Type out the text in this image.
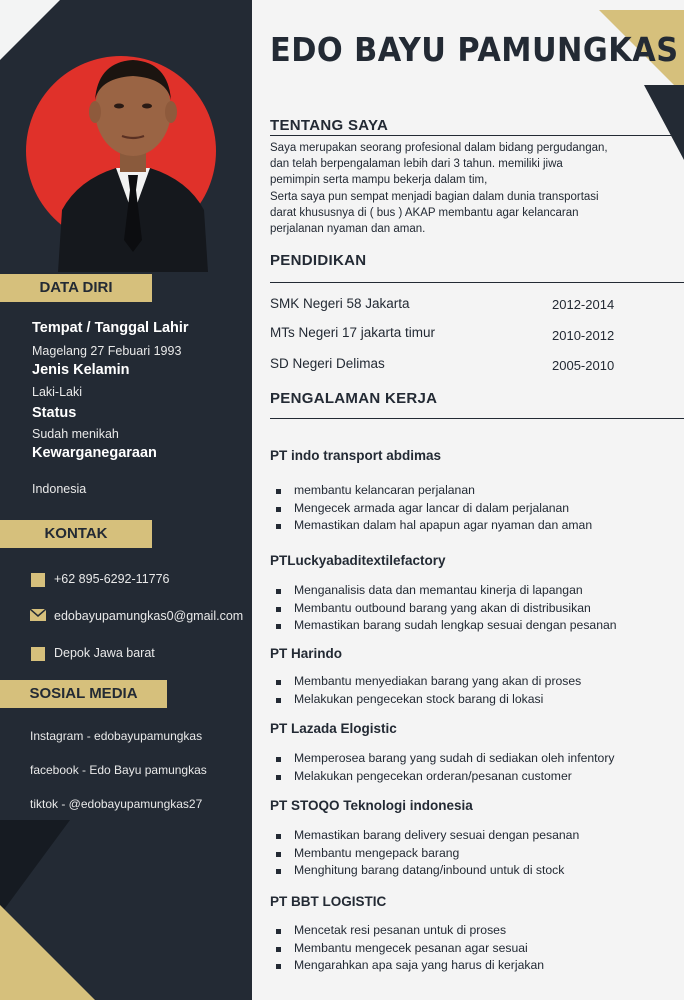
DATA DIRI
Tempat / Tanggal Lahir
Magelang 27 Febuari 1993
Jenis Kelamin
Laki-Laki
Status
Sudah menikah
Kewarganegaraan
Indonesia
KONTAK
+62 895-6292-11776
edobayupamungkas0@gmail.com
Depok Jawa barat
SOSIAL MEDIA
Instagram - edobayupamungkas
facebook - Edo Bayu pamungkas
tiktok - @edobayupamungkas27
EDO BAYU PAMUNGKAS
TENTANG SAYA
Saya merupakan seorang profesional dalam bidang pergudangan,
dan telah berpengalaman lebih dari 3 tahun. memiliki jiwa
pemimpin serta mampu bekerja dalam tim,
Serta saya pun sempat menjadi bagian dalam dunia transportasi
darat khususnya di ( bus ) AKAP membantu agar kelancaran
perjalanan nyaman dan aman.
PENDIDIKAN
SMK Negeri 58 Jakarta	2012-2014
MTs Negeri 17 jakarta timur	2010-2012
SD Negeri Delimas	2005-2010
PENGALAMAN KERJA
PT indo transport abdimas
membantu kelancaran perjalanan
Mengecek armada agar lancar di dalam perjalanan
Memastikan dalam hal apapun agar nyaman dan aman
PTLuckyabaditextilefactory
Menganalisis data dan memantau kinerja di lapangan
Membantu outbound barang yang akan di distribusikan
Memastikan barang sudah lengkap sesuai dengan pesanan
PT Harindo
Membantu menyediakan barang yang akan di proses
Melakukan pengecekan stock barang di lokasi
PT Lazada Elogistic
Memperosea barang yang sudah di sediakan oleh infentory
Melakukan pengecekan orderan/pesanan customer
PT STOQO Teknologi indonesia
Memastikan barang delivery sesuai dengan pesanan
Membantu mengepack barang
Menghitung barang datang/inbound untuk di stock
PT BBT LOGISTIC
Mencetak resi pesanan untuk di proses
Membantu mengecek pesanan agar sesuai
Mengarahkan apa saja yang harus di kerjakan
